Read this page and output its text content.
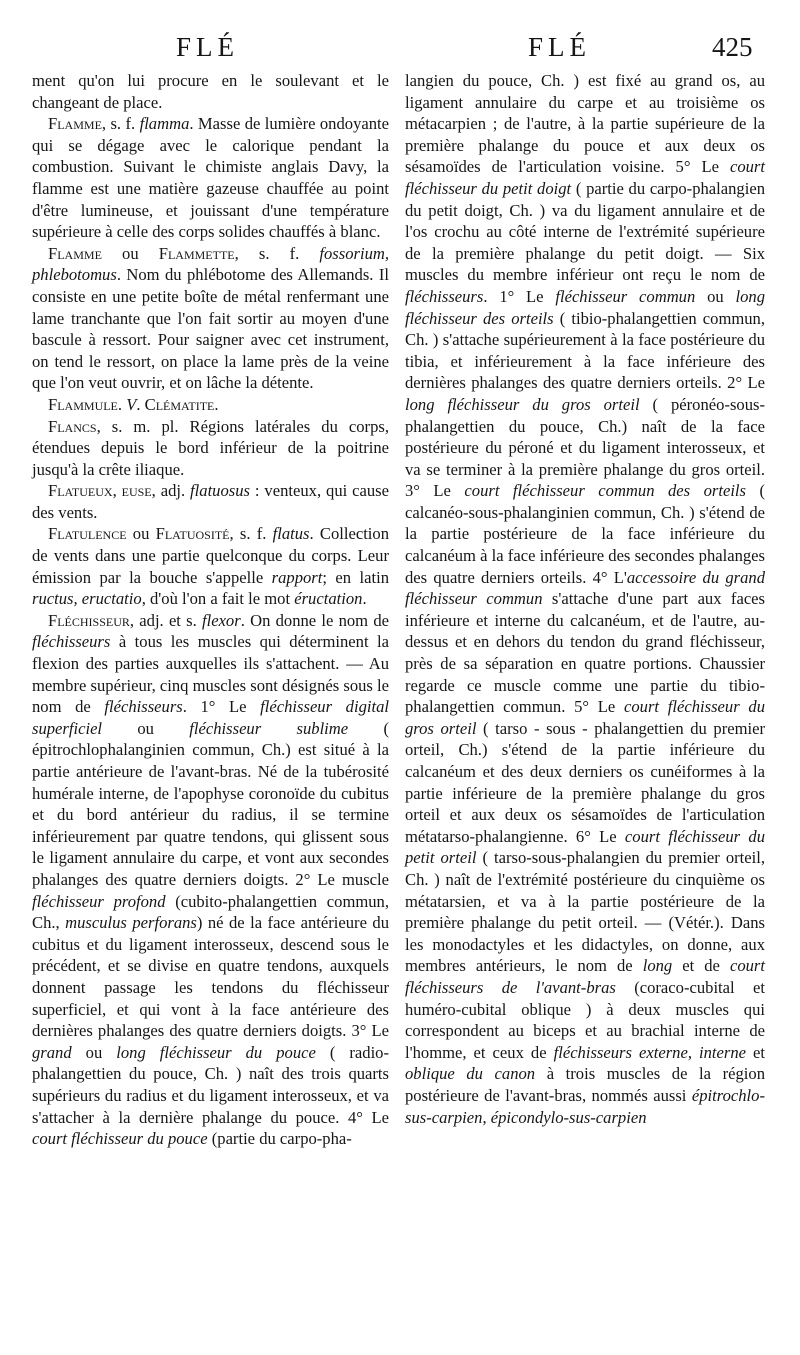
FLÉ	FLÉ	425

ment qu'on lui procure en le soulevant et le changeant de place.

Flamme, s. f. flamma. Masse de lumière ondoyante qui se dégage avec le calorique pendant la combustion. Suivant le chimiste anglais Davy, la flamme est une matière gazeuse chauffée au point d'être lumineuse, et jouissant d'une température supérieure à celle des corps solides chauffés à blanc.

Flamme ou Flammette, s. f. fossorium, phlebotomus. Nom du phlébotome des Allemands. Il consiste en une petite boîte de métal renfermant une lame tranchante que l'on fait sortir au moyen d'une bascule à ressort. Pour saigner avec cet instrument, on tend le ressort, on place la lame près de la veine que l'on veut ouvrir, et on lâche la détente.

Flammule. V. Clématite.

Flancs, s. m. pl. Régions latérales du corps, étendues depuis le bord inférieur de la poitrine jusqu'à la crête iliaque.

Flatueux, euse, adj. flatuosus : venteux, qui cause des vents.

Flatulence ou Flatuosité, s. f. flatus. Collection de vents dans une partie quelconque du corps. Leur émission par la bouche s'appelle rapport; en latin ructus, eructatio, d'où l'on a fait le mot éructation.

Fléchisseur, adj. et s. flexor. On donne le nom de fléchisseurs à tous les muscles qui déterminent la flexion des parties auxquelles ils s'attachent. — Au membre supérieur, cinq muscles sont désignés sous le nom de fléchisseurs. 1° Le fléchisseur digital superficiel ou fléchisseur sublime ( épitrochlophalanginien commun, Ch.) est situé à la partie antérieure de l'avant-bras. Né de la tubérosité humérale interne, de l'apophyse coronoïde du cubitus et du bord antérieur du radius, il se termine inférieurement par quatre tendons, qui glissent sous le ligament annulaire du carpe, et vont aux secondes phalanges des quatre derniers doigts. 2° Le muscle fléchisseur profond (cubito-phalangettien commun, Ch., musculus perforans) né de la face antérieure du cubitus et du ligament interosseux, descend sous le précédent, et se divise en quatre tendons, auxquels donnent passage les tendons du fléchisseur superficiel, et qui vont à la face antérieure des dernières phalanges des quatre derniers doigts. 3° Le grand ou long fléchisseur du pouce ( radio-phalangettien du pouce, Ch. ) naît des trois quarts supérieurs du radius et du ligament interosseux, et va s'attacher à la dernière phalange du pouce. 4° Le court fléchisseur du pouce (partie du carpo-pha-

langien du pouce, Ch. ) est fixé au grand os, au ligament annulaire du carpe et au troisième os métacarpien ; de l'autre, à la partie supérieure de la première phalange du pouce et aux deux os sésamoïdes de l'articulation voisine. 5° Le court fléchisseur du petit doigt ( partie du carpo-phalangien du petit doigt, Ch. ) va du ligament annulaire et de l'os crochu au côté interne de l'extrémité supérieure de la première phalange du petit doigt. — Six muscles du membre inférieur ont reçu le nom de fléchisseurs. 1° Le fléchisseur commun ou long fléchisseur des orteils ( tibio-phalangettien commun, Ch. ) s'attache supérieurement à la face postérieure du tibia, et inférieurement à la face inférieure des dernières phalanges des quatre derniers orteils. 2° Le long fléchisseur du gros orteil ( péronéo-sous-phalangettien du pouce, Ch.) naît de la face postérieure du péroné et du ligament interosseux, et va se terminer à la première phalange du gros orteil. 3° Le court fléchisseur commun des orteils ( calcanéo-sous-phalanginien commun, Ch. ) s'étend de la partie postérieure de la face inférieure du calcanéum à la face inférieure des secondes phalanges des quatre derniers orteils. 4° L'accessoire du grand fléchisseur commun s'attache d'une part aux faces inférieure et interne du calcanéum, et de l'autre, au-dessus et en dehors du tendon du grand fléchisseur, près de sa séparation en quatre portions. Chaussier regarde ce muscle comme une partie du tibio-phalangettien commun. 5° Le court fléchisseur du gros orteil ( tarso - sous - phalangettien du premier orteil, Ch.) s'étend de la partie inférieure du calcanéum et des deux derniers os cunéiformes à la partie inférieure de la première phalange du gros orteil et aux deux os sésamoïdes de l'articulation métatarso-phalangienne. 6° Le court fléchisseur du petit orteil ( tarso-sous-phalangien du premier orteil, Ch. ) naît de l'extrémité postérieure du cinquième os métatarsien, et va à la partie postérieure de la première phalange du petit orteil. — (Vétér.). Dans les monodactyles et les didactyles, on donne, aux membres antérieurs, le nom de long et de court fléchisseurs de l'avant-bras (coraco-cubital et huméro-cubital oblique ) à deux muscles qui correspondent au biceps et au brachial interne de l'homme, et ceux de fléchisseurs externe, interne et oblique du canon à trois muscles de la région postérieure de l'avant-bras, nommés aussi épitrochlo-sus-carpien, épicondylo-sus-carpien
